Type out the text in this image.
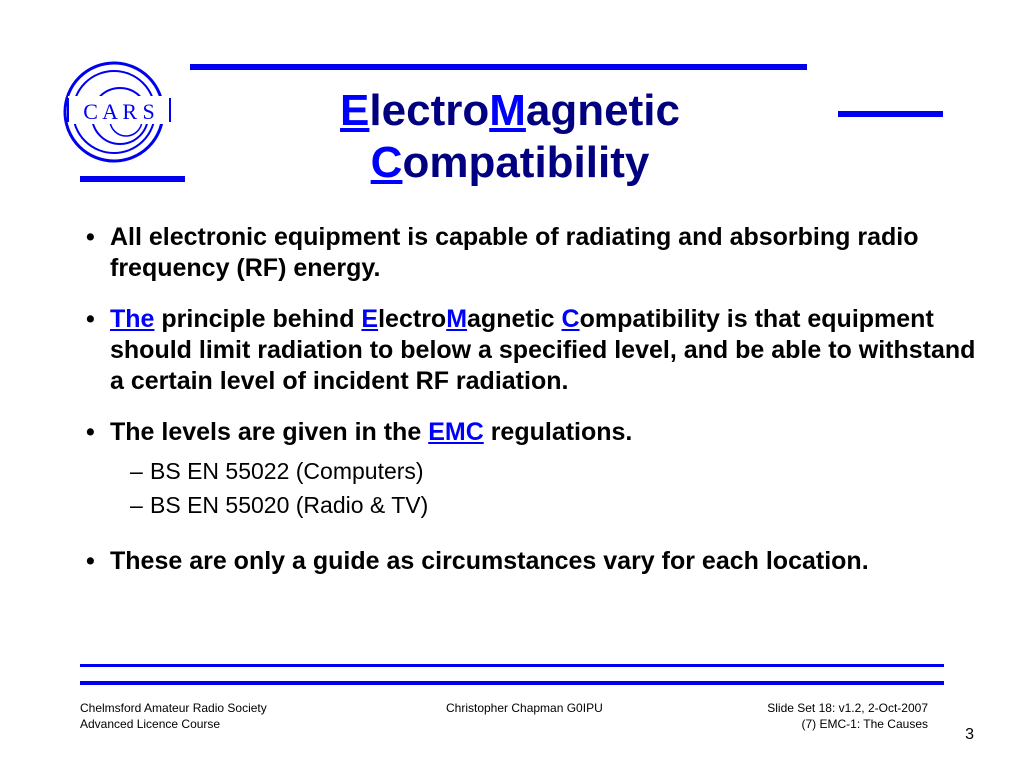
C A R S	ElectroMagnetic
Compatibility

• All electronic equipment is capable of radiating and absorbing radio frequency (RF) energy.

• The principle behind ElectroMagnetic Compatibility is that equipment should limit radiation to below a specified level, and be able to withstand a certain level of incident RF radiation.

• The levels are given in the EMC regulations.

– BS EN 55022 (Computers)

– BS EN 55020 (Radio & TV)

• These are only a guide as circumstances vary for each location.

Chelmsford Amateur Radio Society
Advanced Licence Course
Christopher Chapman G0IPU	Slide Set 18: v1.2, 2-Oct-2007
(7) EMC-1: The Causes
3
